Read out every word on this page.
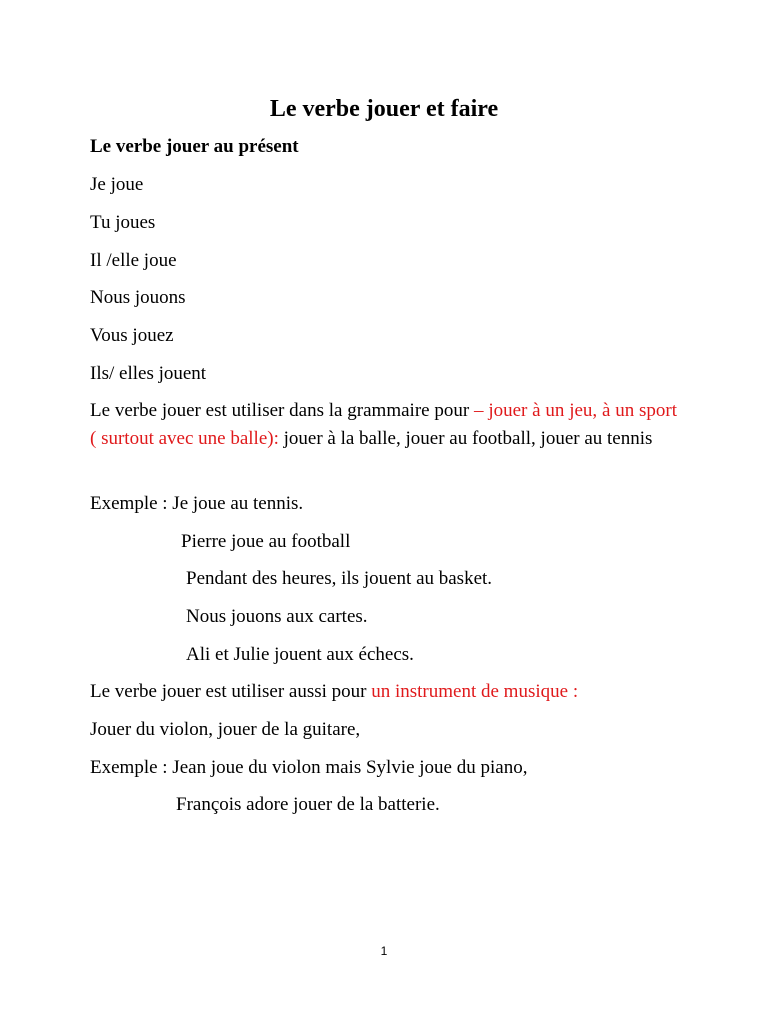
Le verbe jouer et faire
Le verbe jouer au présent
Je joue
Tu joues
Il /elle joue
Nous jouons
Vous jouez
Ils/ elles jouent
Le verbe jouer est utiliser dans la grammaire pour – jouer à un jeu, à un sport ( surtout avec une balle): jouer à la balle, jouer au football, jouer au tennis
Exemple : Je joue au tennis.
Pierre joue au football
Pendant des heures, ils jouent au basket.
Nous jouons aux cartes.
Ali et Julie jouent aux échecs.
Le verbe jouer est utiliser aussi pour un instrument de musique :
Jouer du violon, jouer de la guitare,
Exemple : Jean joue du violon mais Sylvie joue du piano,
François adore jouer de la batterie.
1
